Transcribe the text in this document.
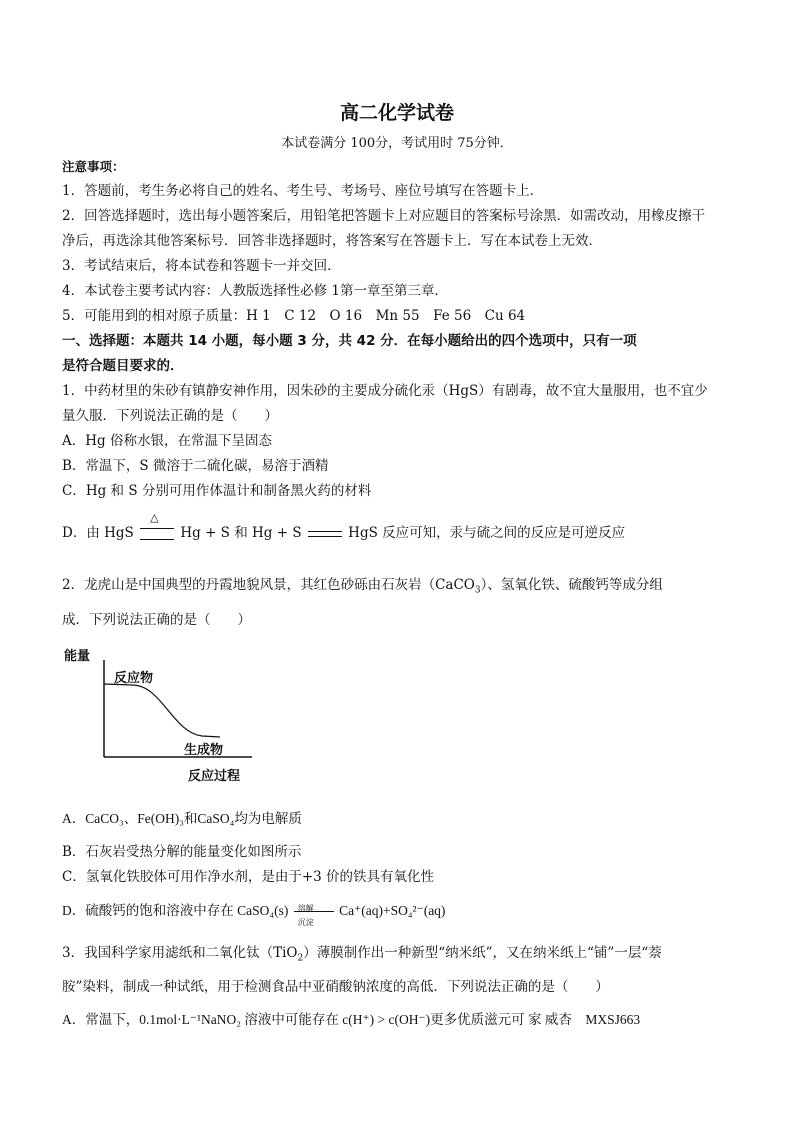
高二化学试卷
本试卷满分 100分，考试用时 75分钟．
注意事项：
1．答题前，考生务必将自己的姓名、考生号、考场号、座位号填写在答题卡上．
2．回答选择题时，选出每小题答案后，用铅笔把答题卡上对应题目的答案标号涂黑．如需改动，用橡皮擦干
净后，再选涂其他答案标号．回答非选择题时，将答案写在答题卡上．写在本试卷上无效．
3．考试结束后，将本试卷和答题卡一并交回．
4．本试卷主要考试内容：人教版选择性必修 1第一章至第三章．
5．可能用到的相对原子质量：H 1　C 12　O 16　Mn 55　Fe 56　Cu 64
一、选择题：本题共 14 小题，每小题 3 分，共 42 分．在每小题给出的四个选项中，只有一项
是符合题目要求的．
1．中药材里的朱砂有镇静安神作用，因朱砂的主要成分硫化汞（HgS）有剧毒，故不宜大量服用，也不宜少
量久服．下列说法正确的是（　　）
A．Hg 俗称水银，在常温下呈固态
B．常温下，S 微溶于二硫化碳，易溶于酒精
C．Hg 和 S 分别可用作体温计和制备黑火药的材料
D．由 HgS
△
Hg + S 和 Hg + S	HgS 反应可知，汞与硫之间的反应是可逆反应
2．龙虎山是中国典型的丹霞地貌风景，其红色砂砾由石灰岩（CaCO$_3$）、氢氧化铁、硫酸钙等成分组
成．下列说法正确的是（　　）
能量
反应物
生成物
反应过程
A．CaCO₃、Fe(OH)₃和CaSO₄均为电解质
B．石灰岩受热分解的能量变化如图所示
C．氢氧化铁胶体可用作净水剂，是由于+3 价的铁具有氧化性
D．硫酸钙的饱和溶液中存在 CaSO₄(s) 溶解
沉淀
Ca⁺(aq)+SO₄²⁻(aq)
3．我国科学家用滤纸和二氧化钛（TiO$_2$）薄膜制作出一种新型“纳米纸”，又在纳米纸上“铺”一层“萘
胺”染料，制成一种试纸，用于检测食品中亚硝酸钠浓度的高低．下列说法正确的是（　　）
A．常温下，0.1mol·L⁻¹NaNO₂ 溶液中可能存在 c(H⁺) > c(OH⁻)更多优质滋元可 家 威杏　MXSJ663
